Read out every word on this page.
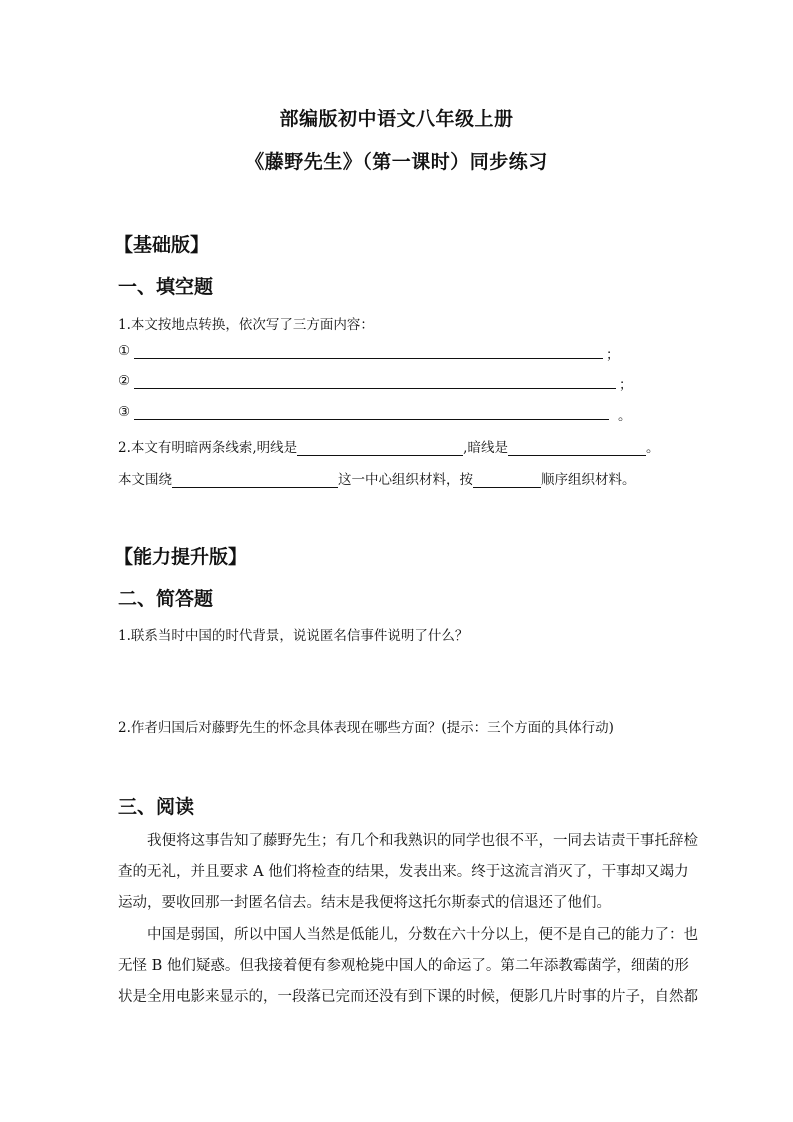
部编版初中语文八年级上册
《藤野先生》（第一课时）同步练习
【基础版】
一、填空题
1.本文按地点转换，依次写了三方面内容：
①	；
②	；
③	。
2.本文有明暗两条线索,明线是	,暗线是	。
本文围绕	这一中心组织材料，按	顺序组织材料。
【能力提升版】
二、简答题
1.联系当时中国的时代背景，说说匿名信事件说明了什么？
2.作者归国后对藤野先生的怀念具体表现在哪些方面？(提示：三个方面的具体行动)
三、阅读
我便将这事告知了藤野先生；有几个和我熟识的同学也很不平，一同去诘责干事托辞检
查的无礼，并且要求 A 他们将检查的结果，发表出来。终于这流言消灭了，干事却又竭力
运动，要收回那一封匿名信去。结末是我便将这托尔斯泰式的信退还了他们。
中国是弱国，所以中国人当然是低能儿，分数在六十分以上，便不是自己的能力了：也
无怪 B 他们疑惑。但我接着便有参观枪毙中国人的命运了。第二年添教霉菌学，细菌的形
状是全用电影来显示的，一段落已完而还没有到下课的时候，便影几片时事的片子，自然都
